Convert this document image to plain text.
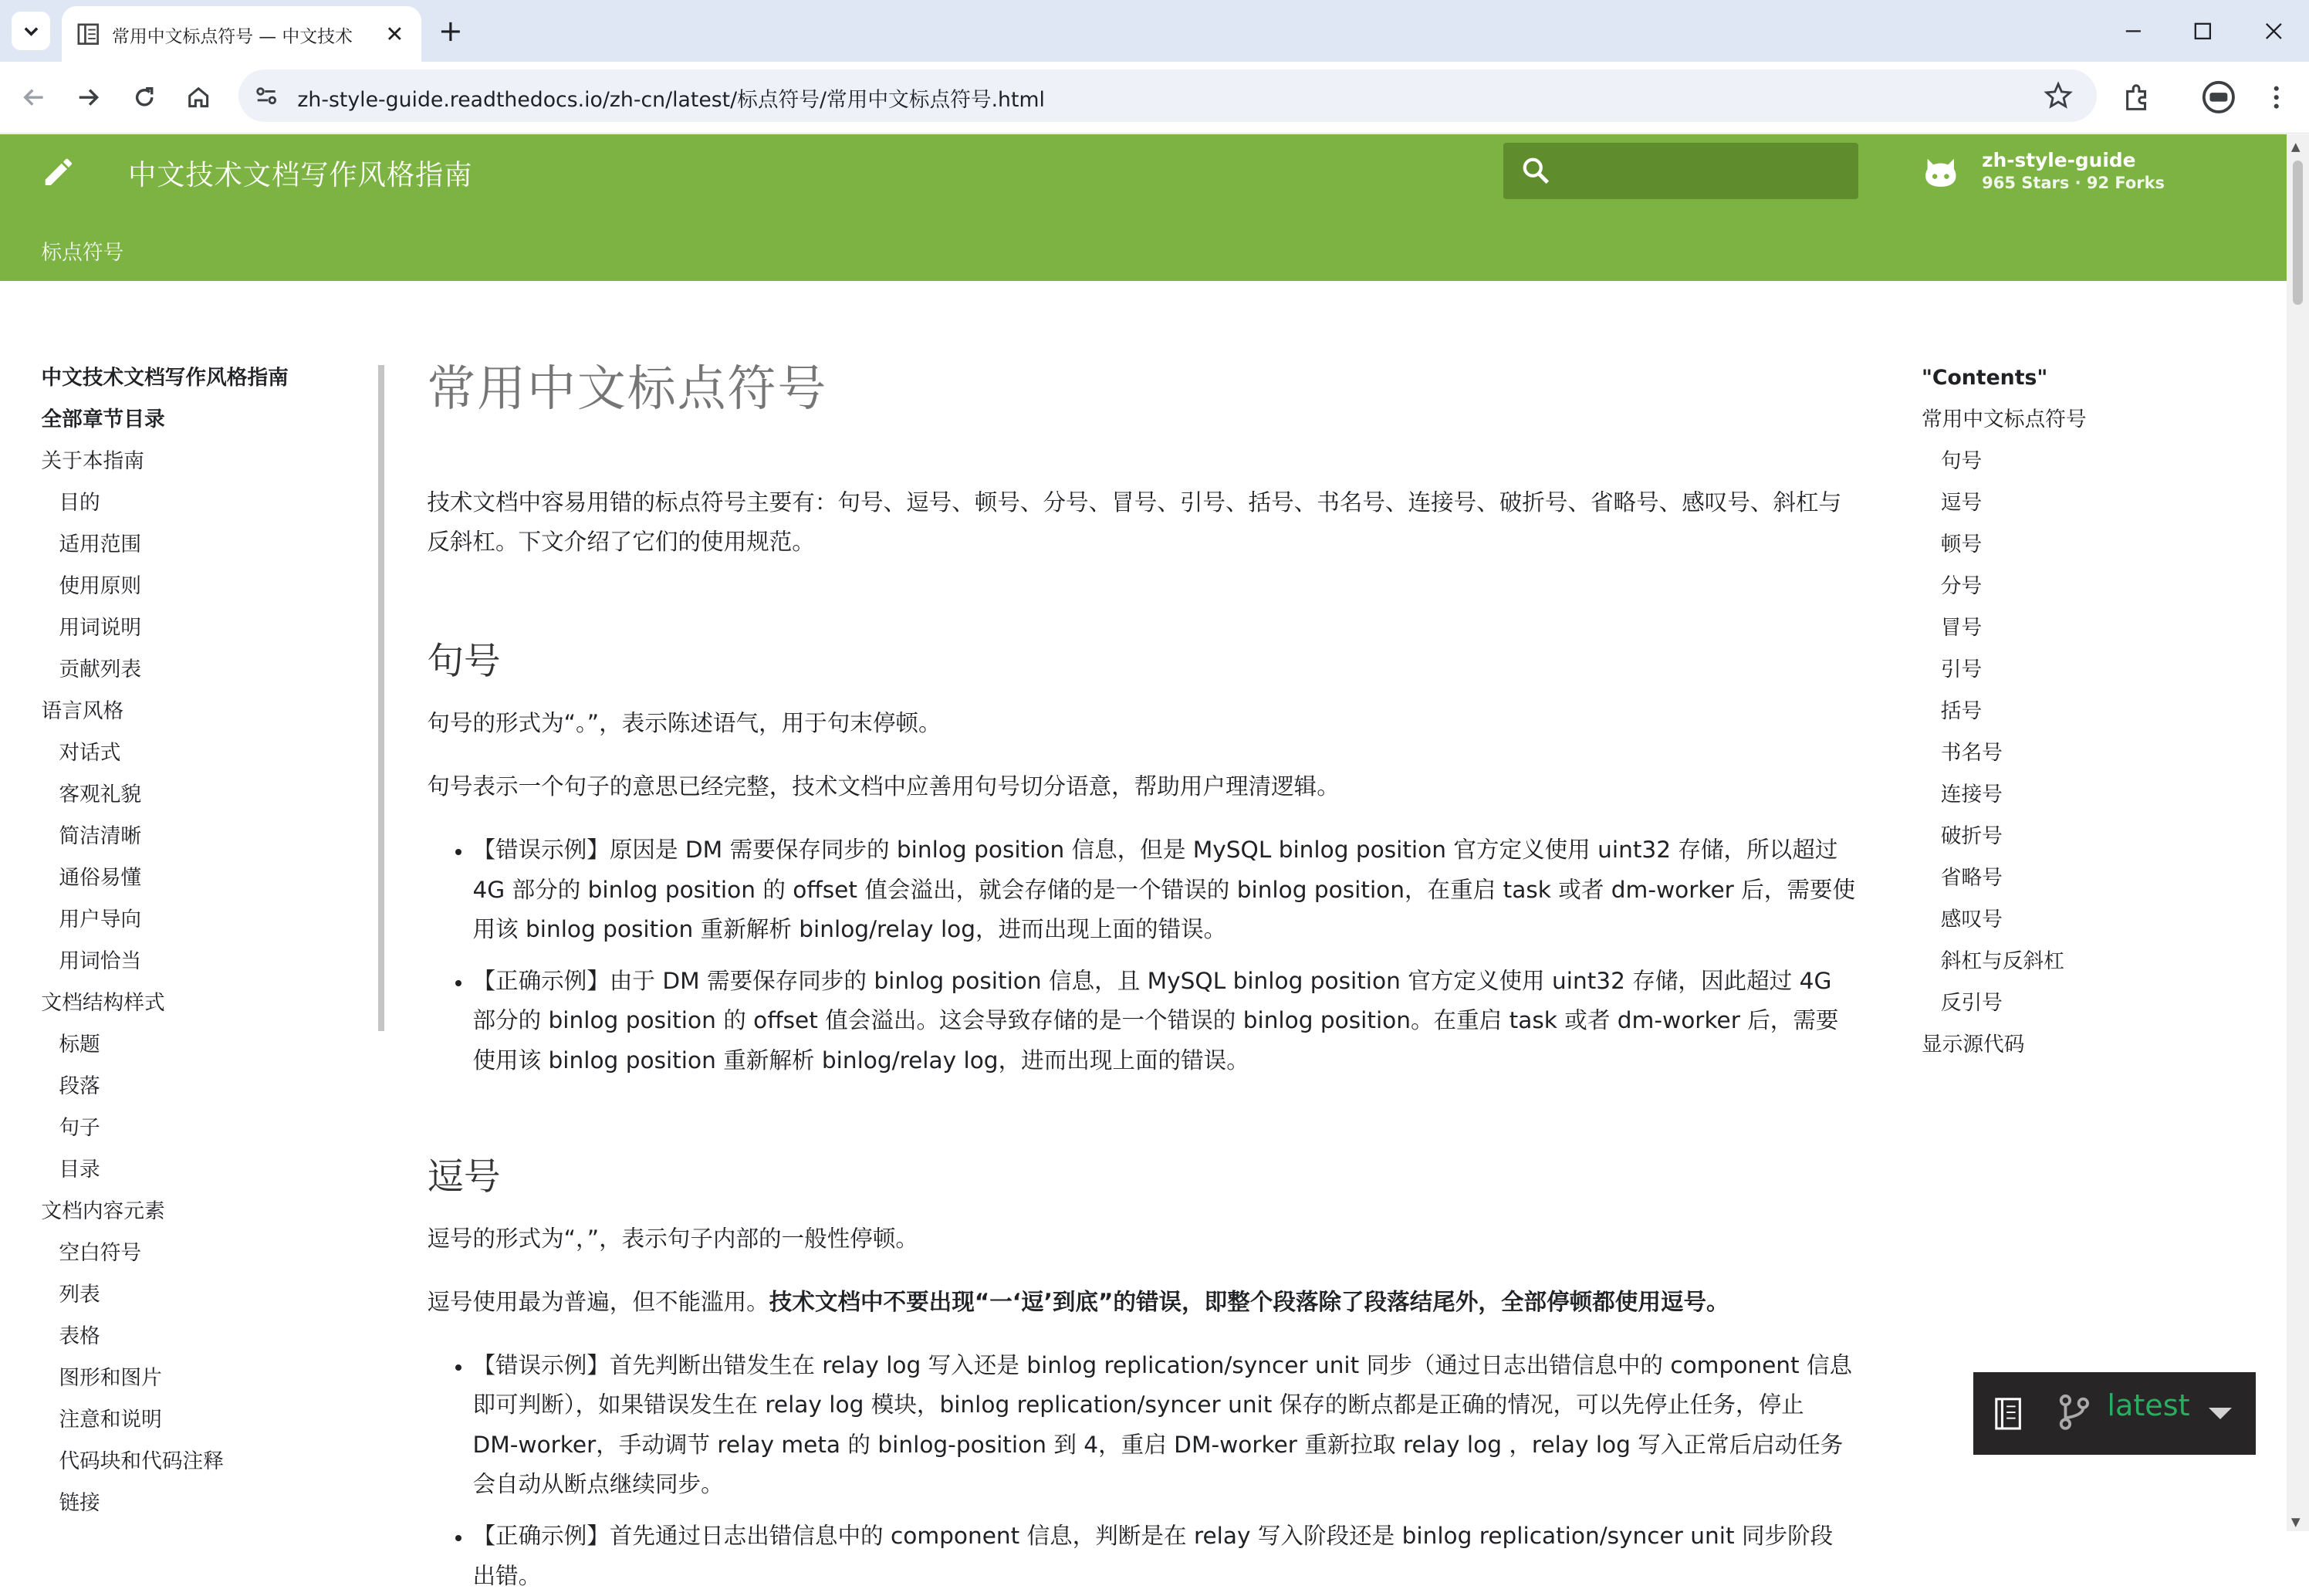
常用中文标点符号 — 中文技术	✕	+
zh-style-guide.readthedocs.io/zh-cn/latest/标点符号/常用中文标点符号.html
中文技术文档写作风格指南	zh-style-guide
965 Stars · 92 Forks
标点符号
▲
▼
中文技术文档写作风格指南
全部章节目录
关于本指南
目的
适用范围
使用原则
用词说明
贡献列表
语言风格
对话式
客观礼貌
简洁清晰
通俗易懂
用户导向
用词恰当
文档结构样式
标题
段落
句子
目录
文档内容元素
空白符号
列表
表格
图形和图片
注意和说明
代码块和代码注释
链接
常用中文标点符号

技术文档中容易用错的标点符号主要有：句号、逗号、顿号、分号、冒号、引号、括号、书名号、连接号、破折号、省略号、感叹号、斜杠与反斜杠。下文介绍了它们的使用规范。

句号

句号的形式为“。”，表示陈述语气，用于句末停顿。

句号表示一个句子的意思已经完整，技术文档中应善用句号切分语意，帮助用户理清逻辑。

• 【错误示例】原因是 DM 需要保存同步的 binlog position 信息，但是 MySQL binlog position 官方定义使用 uint32 存储，所以超过 4G 部分的 binlog position 的 offset 值会溢出，就会存储的是一个错误的 binlog position，在重启 task 或者 dm-worker 后，需要使用该 binlog position 重新解析 binlog/relay log，进而出现上面的错误。
• 【正确示例】由于 DM 需要保存同步的 binlog position 信息，且 MySQL binlog position 官方定义使用 uint32 存储，因此超过 4G 部分的 binlog position 的 offset 值会溢出。这会导致存储的是一个错误的 binlog position。在重启 task 或者 dm-worker 后，需要使用该 binlog position 重新解析 binlog/relay log，进而出现上面的错误。
逗号

逗号的形式为“，”，表示句子内部的一般性停顿。

逗号使用最为普遍，但不能滥用。技术文档中不要出现“一‘逗’到底”的错误，即整个段落除了段落结尾外，全部停顿都使用逗号。

• 【错误示例】首先判断出错发生在 relay log 写入还是 binlog replication/syncer unit 同步（通过日志出错信息中的 component 信息即可判断），如果错误发生在 relay log 模块，binlog replication/syncer unit 保存的断点都是正确的情况，可以先停止任务，停止 DM-worker，手动调节 relay meta 的 binlog-position 到 4，重启 DM-worker 重新拉取 relay log ，relay log 写入正常后启动任务会自动从断点继续同步。
• 【正确示例】首先通过日志出错信息中的 component 信息，判断是在 relay 写入阶段还是 binlog replication/syncer unit 同步阶段出错。
"Contents"
常用中文标点符号
句号
逗号
顿号
分号
冒号
引号
括号
书名号
连接号
破折号
省略号
感叹号
斜杠与反斜杠
反引号
显示源代码
latest
